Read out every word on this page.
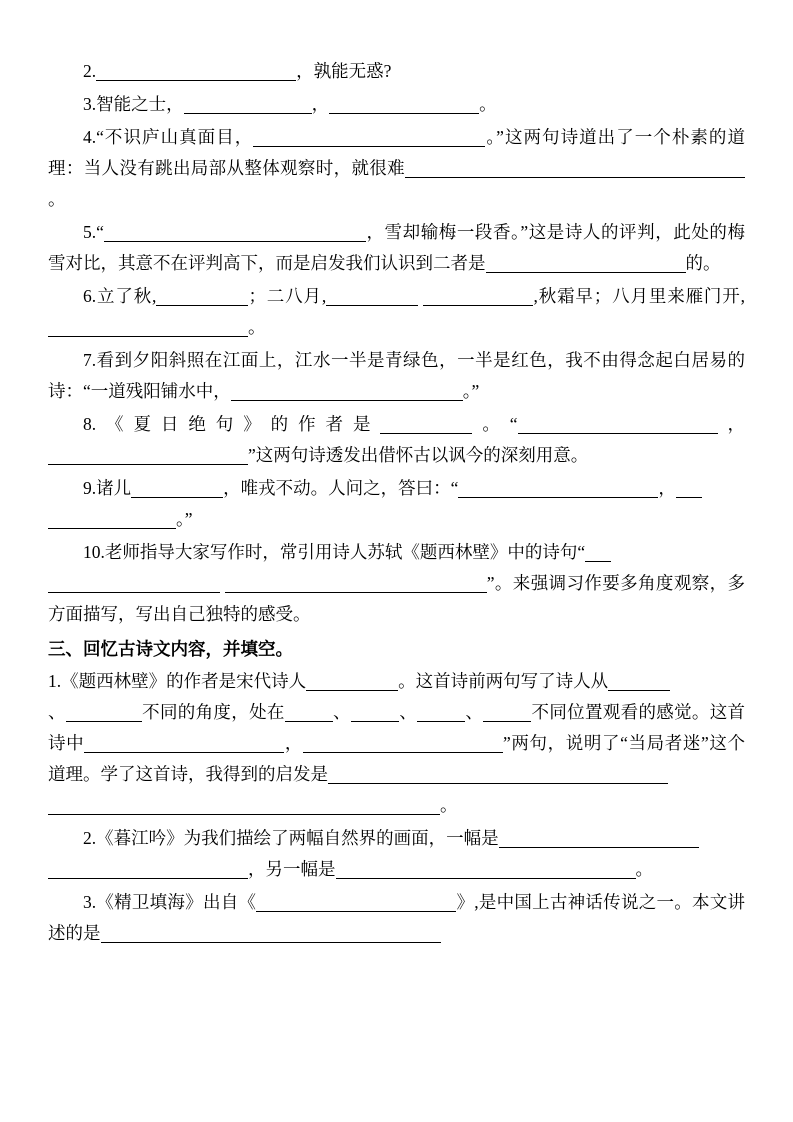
2.	，孰能无惑?

3.智能之士，	，	。

4.“不识庐山真面目，	。”这两句诗道出了一个朴素的道理：当人没有跳出局部从整体观察时，就很难。

5.“	，雪却输梅一段香。”这是诗人的评判，此处的梅雪对比，其意不在评判高下，而是启发我们认识到二者是	的。

6.立了秋,	；二八月,	,秋霜早；八月里来雁门开,。

7.看到夕阳斜照在江面上，江水一半是青绿色，一半是红色，我不由得念起白居易的诗：“一道残阳铺水中，	。”

8.《夏日绝句》的作者是	。“	，”这两句诗透发出借怀古以讽今的深刻用意。

9.诸儿	，唯戎不动。人问之，答曰：“	，
。”

10.老师指导大家写作时，常引用诗人苏轼《题西林壁》中的诗句“
”。来强调习作要多角度观察，多方面描写，写出自己独特的感受。

三、回忆古诗文内容，并填空。

1.《题西林壁》的作者是宋代诗人	。这首诗前两句写了诗人从
、	不同的角度，处在	、	、	、	不同位置观看的感觉。这首诗中	，	”两句，说明了“当局者迷”这个道理。学了这首诗，我得到的启发是
。

2.《暮江吟》为我们描绘了两幅自然界的画面，一幅是
，另一幅是	。

3.《精卫填海》出自《	》,是中国上古神话传说之一。本文讲述的是
